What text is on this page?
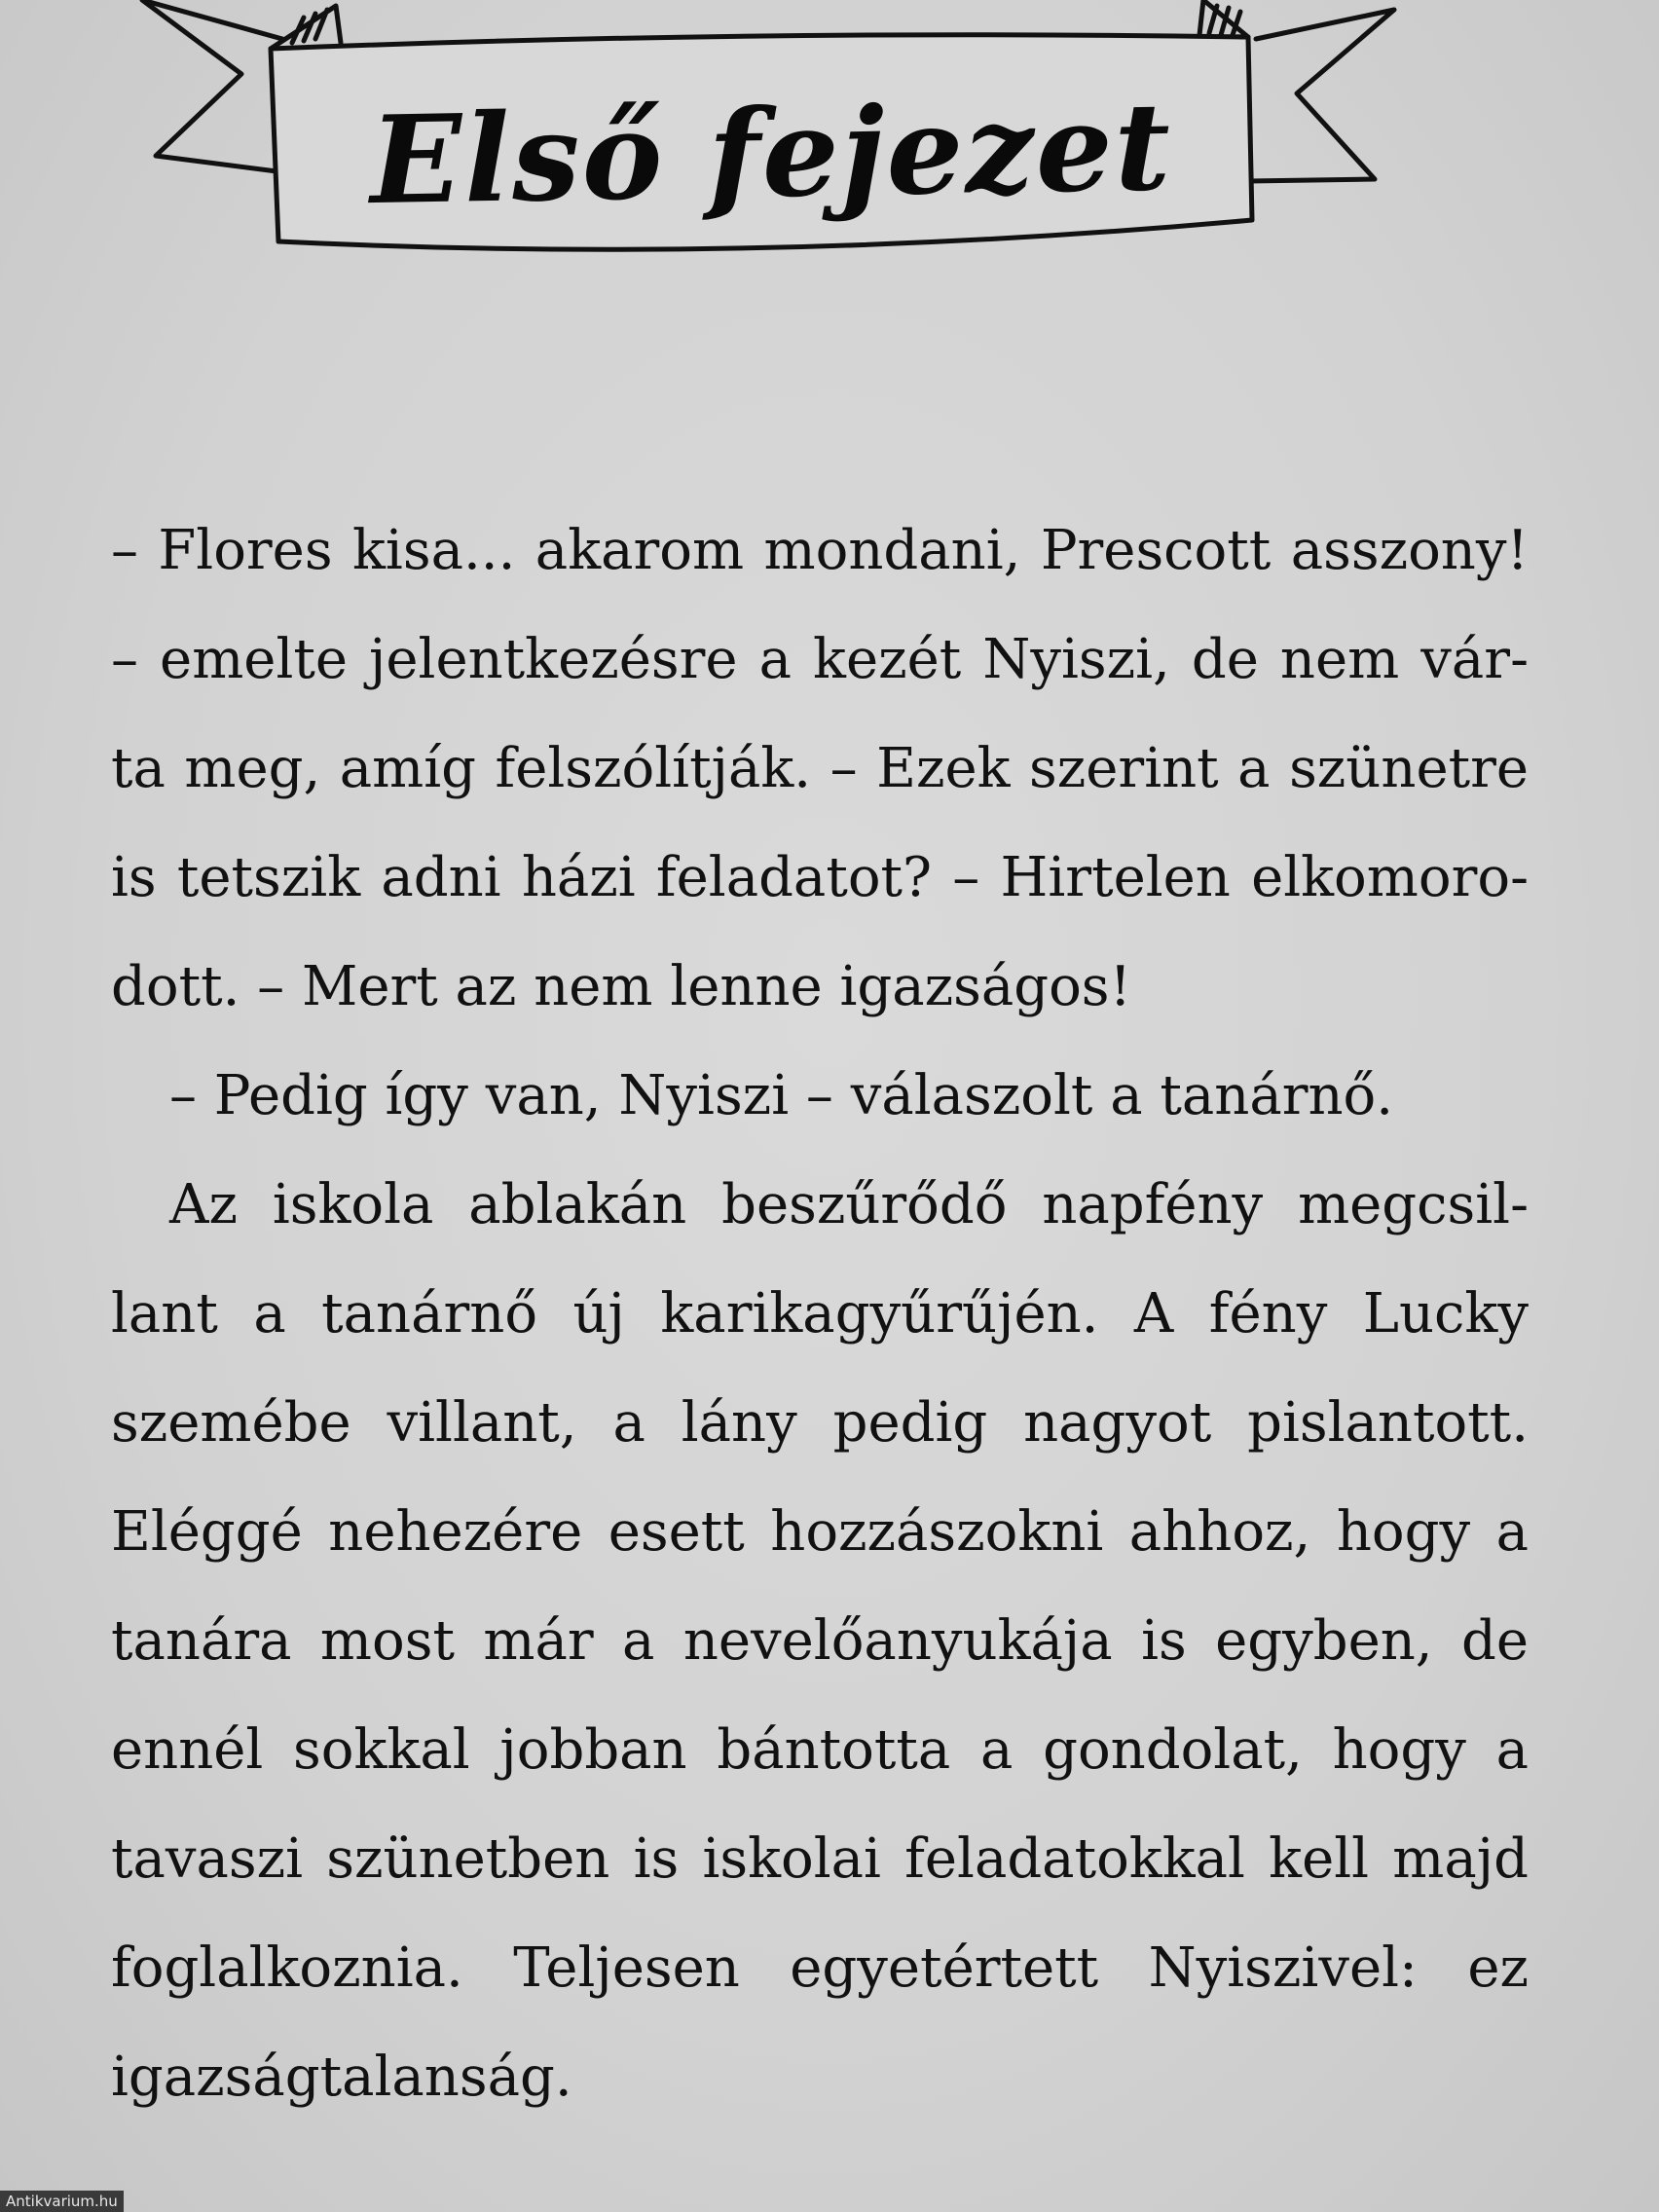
Első fejezet
– Flores kisa... akarom mondani, Prescott asszony!
– emelte jelentkezésre a kezét Nyiszi, de nem vár-
ta meg, amíg felszólítják. – Ezek szerint a szünetre
is tetszik adni házi feladatot? – Hirtelen elkomoro-
dott. – Mert az nem lenne igazságos!
– Pedig így van, Nyiszi – válaszolt a tanárnő.
Az iskola ablakán beszűrődő napfény megcsil-
lant a tanárnő új karikagyűrűjén. A fény Lucky
szemébe villant, a lány pedig nagyot pislantott.
Eléggé nehezére esett hozzászokni ahhoz, hogy a
tanára most már a nevelőanyukája is egyben, de
ennél sokkal jobban bántotta a gondolat, hogy a
tavaszi szünetben is iskolai feladatokkal kell majd
foglalkoznia. Teljesen egyetértett Nyiszivel: ez
igazságtalanság.
Antikvarium.hu
